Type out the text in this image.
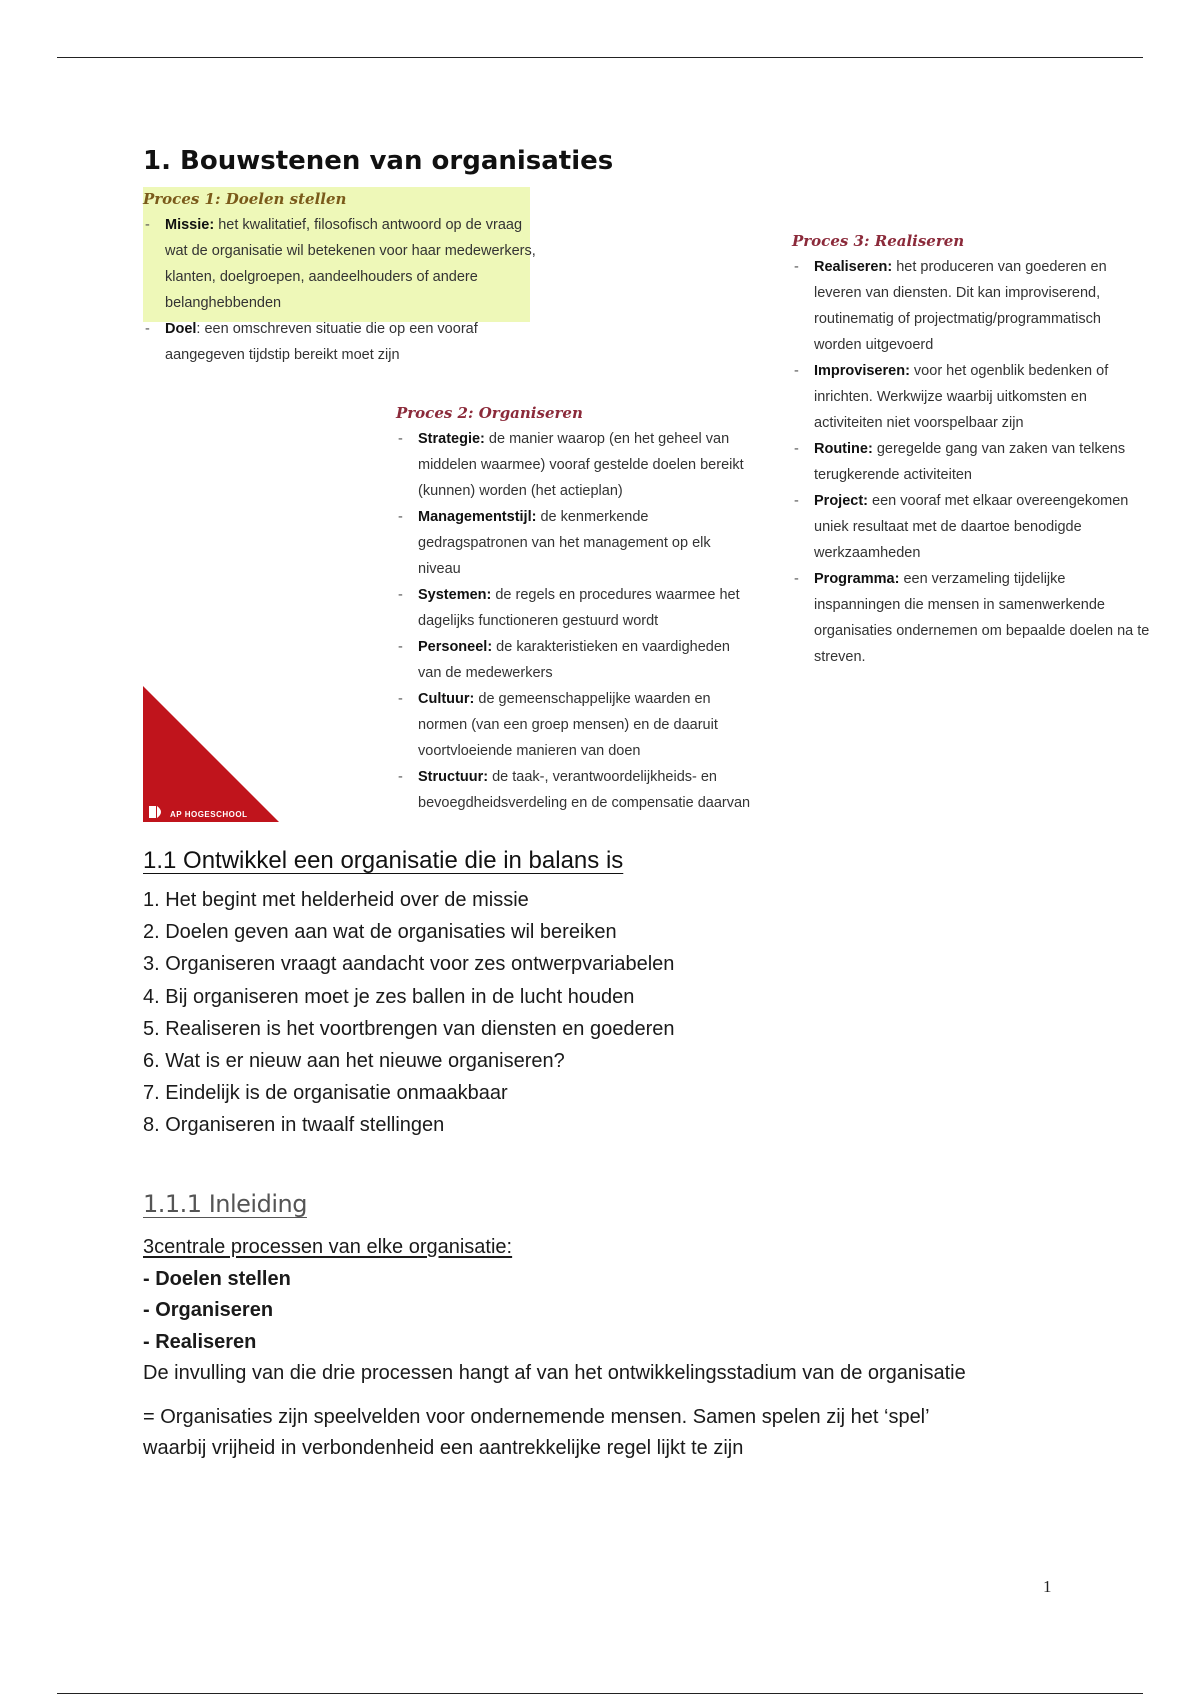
1. Bouwstenen van organisaties
Proces 1: Doelen stellen
- Missie: het kwalitatief, filosofisch antwoord op de vraag wat de organisatie wil betekenen voor haar medewerkers, klanten, doelgroepen, aandeelhouders of andere belanghebbenden
- Doel: een omschreven situatie die op een vooraf aangegeven tijdstip bereikt moet zijn
Proces 2: Organiseren
- Strategie: de manier waarop (en het geheel van middelen waarmee) vooraf gestelde doelen bereikt (kunnen) worden (het actieplan)
- Managementstijl: de kenmerkende gedragspatronen van het management op elk niveau
- Systemen: de regels en procedures waarmee het dagelijks functioneren gestuurd wordt
- Personeel: de karakteristieken en vaardigheden van de medewerkers
- Cultuur: de gemeenschappelijke waarden en normen (van een groep mensen) en de daaruit voortvloeiende manieren van doen
- Structuur: de taak-, verantwoordelijkheids- en bevoegdheidsverdeling en de compensatie daarvan
Proces 3: Realiseren
- Realiseren: het produceren van goederen en leveren van diensten. Dit kan improviserend, routinematig of projectmatig/programmatisch worden uitgevoerd
- Improviseren: voor het ogenblik bedenken of inrichten. Werkwijze waarbij uitkomsten en activiteiten niet voorspelbaar zijn
- Routine: geregelde gang van zaken van telkens terugkerende activiteiten
- Project: een vooraf met elkaar overeengekomen uniek resultaat met de daartoe benodigde werkzaamheden
- Programma: een verzameling tijdelijke inspanningen die mensen in samenwerkende organisaties ondernemen om bepaalde doelen na te streven.
AP HOGESCHOOL
1.1 Ontwikkel een organisatie die in balans is
1. Het begint met helderheid over de missie
2. Doelen geven aan wat de organisaties wil bereiken
3. Organiseren vraagt aandacht voor zes ontwerpvariabelen
4. Bij organiseren moet je zes ballen in de lucht houden
5. Realiseren is het voortbrengen van diensten en goederen
6. Wat is er nieuw aan het nieuwe organiseren?
7. Eindelijk is de organisatie onmaakbaar
8. Organiseren in twaalf stellingen
1.1.1 Inleiding
3centrale processen van elke organisatie:
- Doelen stellen
- Organiseren
- Realiseren
De invulling van die drie processen hangt af van het ontwikkelingsstadium van de organisatie
= Organisaties zijn speelvelden voor ondernemende mensen. Samen spelen zij het ‘spel’
waarbij vrijheid in verbondenheid een aantrekkelijke regel lijkt te zijn
1
